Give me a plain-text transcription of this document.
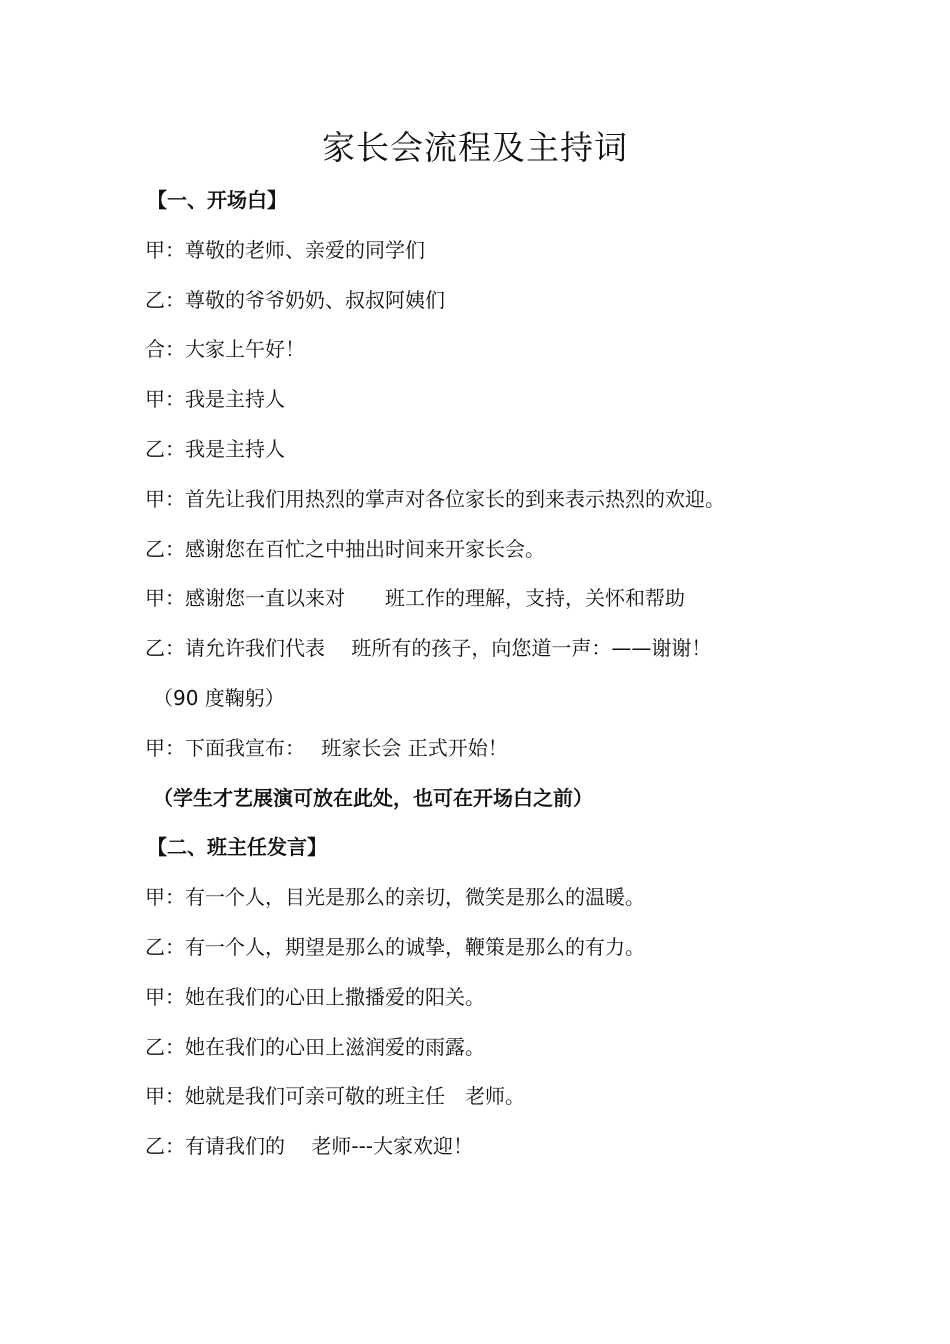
家长会流程及主持词
【一、开场白】
甲：尊敬的老师、亲爱的同学们
乙：尊敬的爷爷奶奶、叔叔阿姨们
合：大家上午好！
甲：我是主持人
乙：我是主持人
甲：首先让我们用热烈的掌声对各位家长的到来表示热烈的欢迎。
乙：感谢您在百忙之中抽出时间来开家长会。
甲：感谢您一直以来对　　班工作的理解，支持，关怀和帮助
乙：请允许我们代表　 班所有的孩子，向您道一声：——谢谢！
（90 度鞠躬）
甲：下面我宣布：　 班家长会 正式开始！
（学生才艺展演可放在此处，也可在开场白之前）
【二、班主任发言】
甲：有一个人，目光是那么的亲切，微笑是那么的温暖。
乙：有一个人，期望是那么的诚挚，鞭策是那么的有力。
甲：她在我们的心田上撒播爱的阳关。
乙：她在我们的心田上滋润爱的雨露。
甲：她就是我们可亲可敬的班主任　老师。
乙：有请我们的　 老师---大家欢迎！
